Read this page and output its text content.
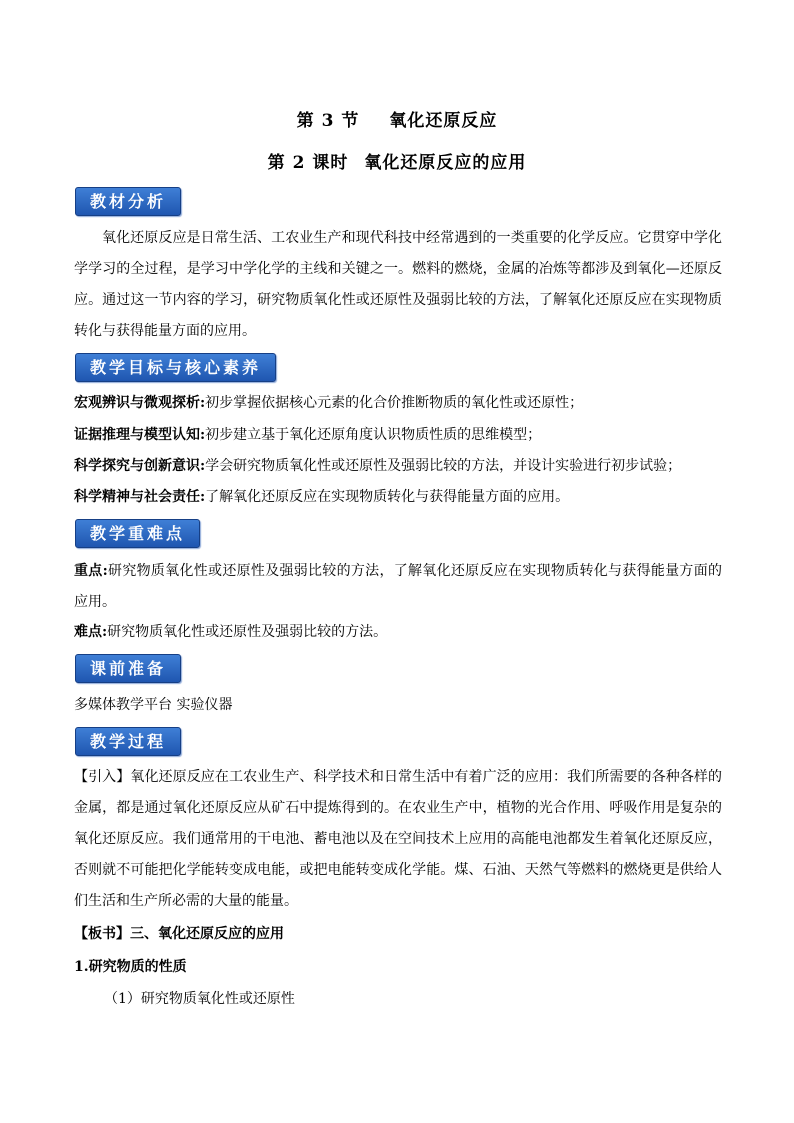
第 3 节 氧化还原反应
第 2 课时 氧化还原反应的应用
教材分析
氧化还原反应是日常生活、工农业生产和现代科技中经常遇到的一类重要的化学反应。它贯穿中学化学学习的全过程，是学习中学化学的主线和关键之一。燃料的燃烧，金属的冶炼等都涉及到氧化—还原反应。通过这一节内容的学习，研究物质氧化性或还原性及强弱比较的方法，了解氧化还原反应在实现物质转化与获得能量方面的应用。
教学目标与核心素养
宏观辨识与微观探析:初步掌握依据核心元素的化合价推断物质的氧化性或还原性；
证据推理与模型认知:初步建立基于氧化还原角度认识物质性质的思维模型；
科学探究与创新意识:学会研究物质氧化性或还原性及强弱比较的方法，并设计实验进行初步试验；
科学精神与社会责任:了解氧化还原反应在实现物质转化与获得能量方面的应用。
教学重难点
重点:研究物质氧化性或还原性及强弱比较的方法，了解氧化还原反应在实现物质转化与获得能量方面的应用。
难点:研究物质氧化性或还原性及强弱比较的方法。
课前准备
多媒体教学平台 实验仪器
教学过程
【引入】氧化还原反应在工农业生产、科学技术和日常生活中有着广泛的应用：我们所需要的各种各样的金属，都是通过氧化还原反应从矿石中提炼得到的。在农业生产中，植物的光合作用、呼吸作用是复杂的氧化还原反应。我们通常用的干电池、蓄电池以及在空间技术上应用的高能电池都发生着氧化还原反应，否则就不可能把化学能转变成电能，或把电能转变成化学能。煤、石油、天然气等燃料的燃烧更是供给人们生活和生产所必需的大量的能量。
【板书】三、氧化还原反应的应用
1.研究物质的性质
（1）研究物质氧化性或还原性
